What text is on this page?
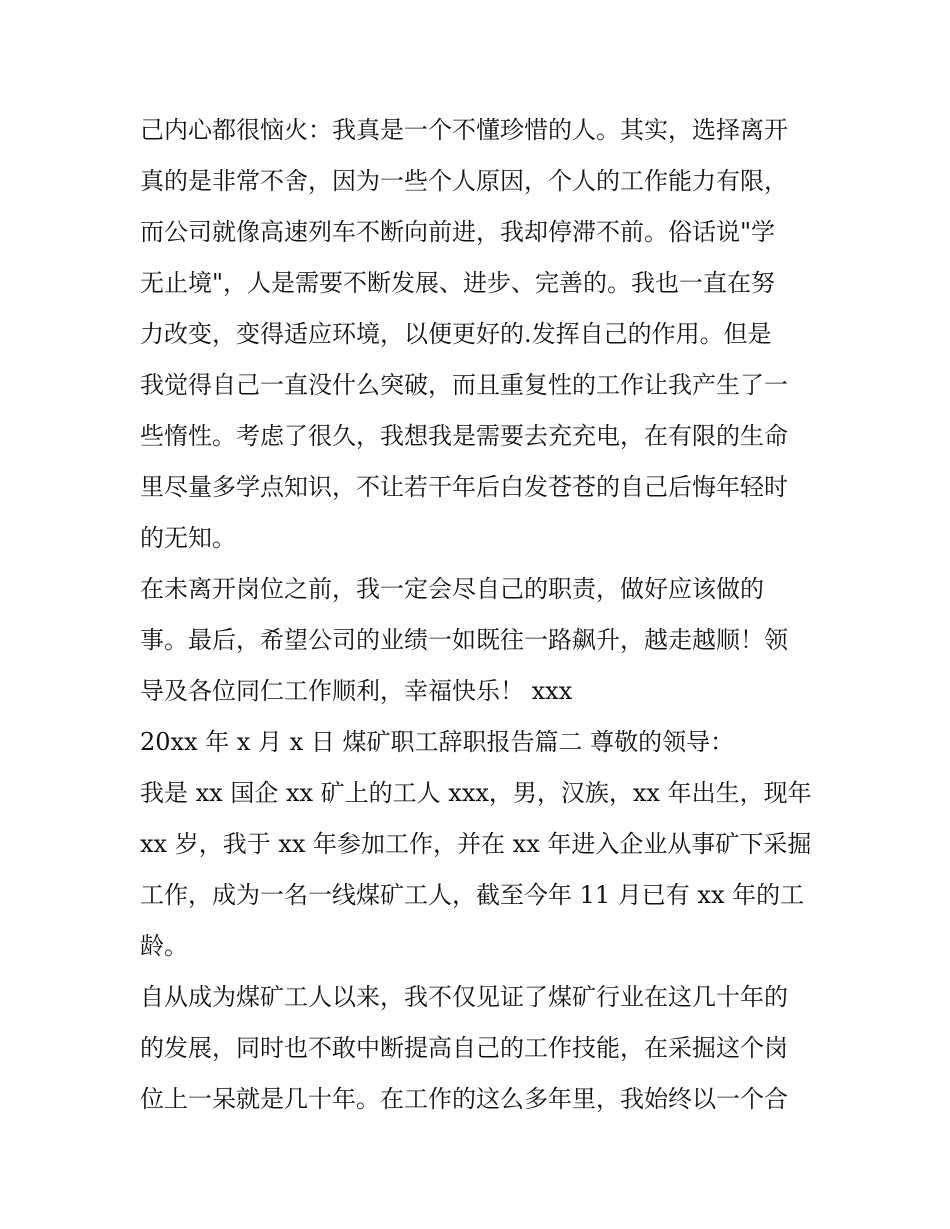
己内心都很恼火：我真是一个不懂珍惜的人。其实，选择离开
真的是非常不舍，因为一些个人原因，个人的工作能力有限，
而公司就像高速列车不断向前进，我却停滞不前。俗话说"学
无止境"，人是需要不断发展、进步、完善的。我也一直在努
力改变，变得适应环境，以便更好的.发挥自己的作用。但是
我觉得自己一直没什么突破，而且重复性的工作让我产生了一
些惰性。考虑了很久，我想我是需要去充充电，在有限的生命
里尽量多学点知识，不让若干年后白发苍苍的自己后悔年轻时
的无知。
在未离开岗位之前，我一定会尽自己的职责，做好应该做的
事。最后，希望公司的业绩一如既往一路飙升，越走越顺！领
导及各位同仁工作顺利，幸福快乐！ xxx
20xx 年 x 月 x 日 煤矿职工辞职报告篇二 尊敬的领导：
我是 xx 国企 xx 矿上的工人 xxx，男，汉族，xx 年出生，现年
xx 岁，我于 xx 年参加工作，并在 xx 年进入企业从事矿下采掘
工作，成为一名一线煤矿工人，截至今年 11 月已有 xx 年的工
龄。
自从成为煤矿工人以来，我不仅见证了煤矿行业在这几十年的
的发展，同时也不敢中断提高自己的工作技能，在采掘这个岗
位上一呆就是几十年。在工作的这么多年里，我始终以一个合
